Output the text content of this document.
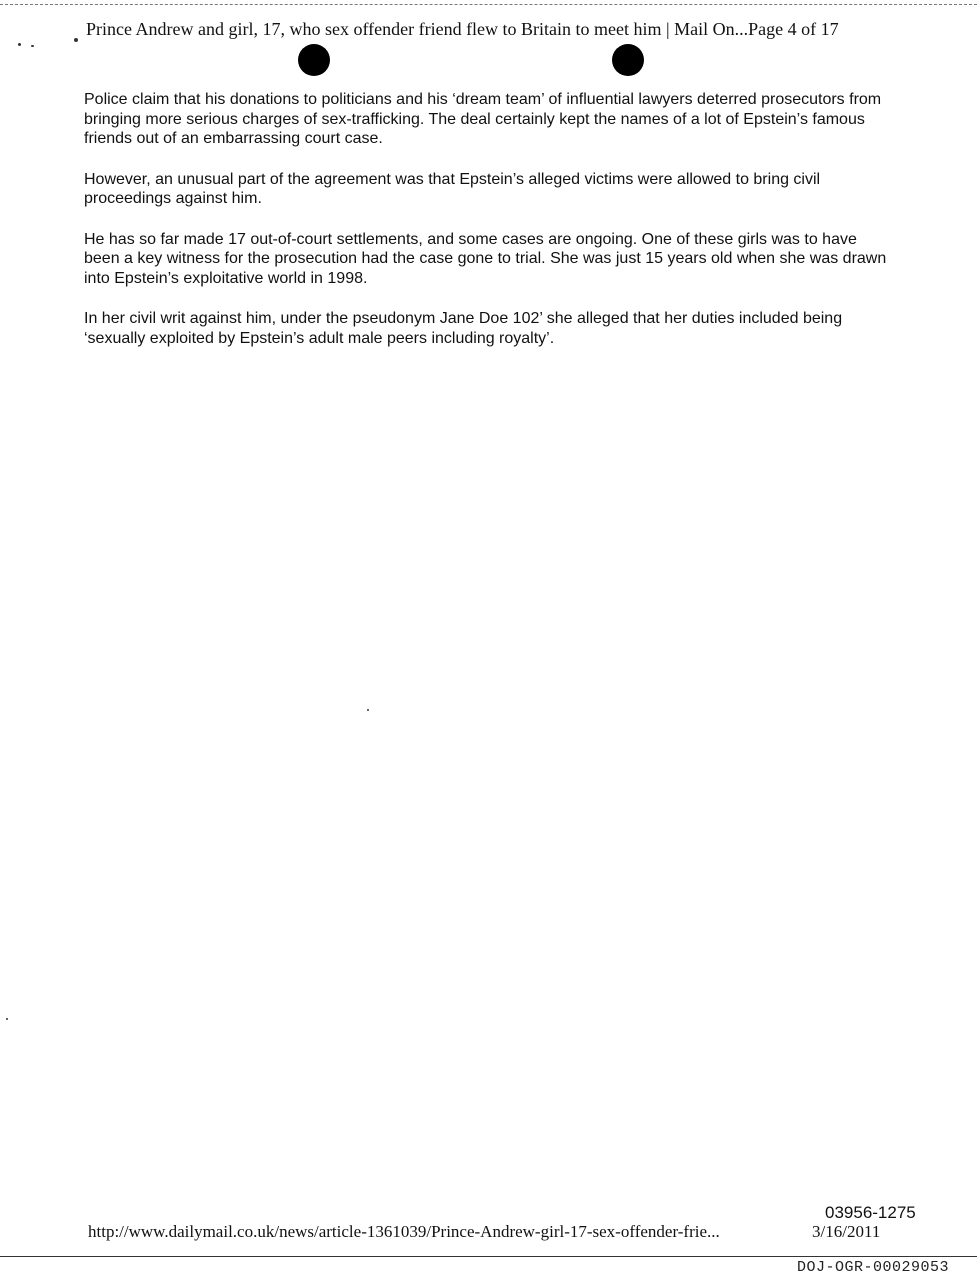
Prince Andrew and girl, 17, who sex offender friend flew to Britain to meet him | Mail On...Page 4 of 17

Police claim that his donations to politicians and his ‘dream team’ of influential lawyers deterred prosecutors from bringing more serious charges of sex-trafficking. The deal certainly kept the names of a lot of Epstein’s famous friends out of an embarrassing court case.

However, an unusual part of the agreement was that Epstein’s alleged victims were allowed to bring civil proceedings against him.

He has so far made 17 out-of-court settlements, and some cases are ongoing. One of these girls was to have been a key witness for the prosecution had the case gone to trial. She was just 15 years old when she was drawn into Epstein’s exploitative world in 1998.

In her civil writ against him, under the pseudonym Jane Doe 102’ she alleged that her duties included being ‘sexually exploited by Epstein’s adult male peers including royalty’.

03956-1275
http://www.dailymail.co.uk/news/article-1361039/Prince-Andrew-girl-17-sex-offender-frie...	3/16/2011
DOJ-OGR-00029053
